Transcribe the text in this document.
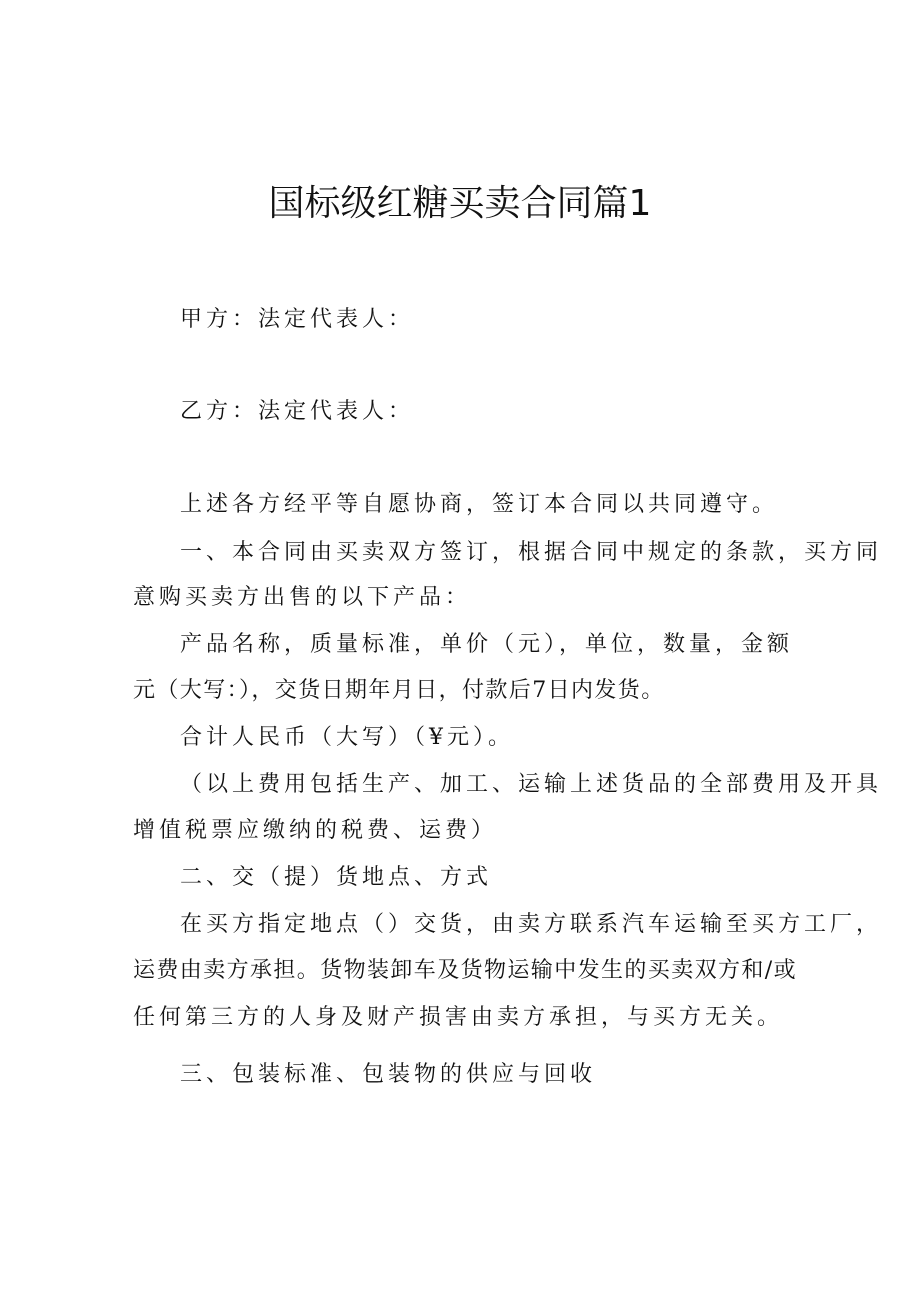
国标级红糖买卖合同篇1

甲方：法定代表人：

乙方：法定代表人：

上述各方经平等自愿协商，签订本合同以共同遵守。

一、本合同由买卖双方签订，根据合同中规定的条款，买方同

意购买卖方出售的以下产品：

产品名称，质量标准，单价（元），单位，数量，金额

元（大写：），交货日期年月日，付款后7日内发货。

合计人民币（大写）（¥元）。

（以上费用包括生产、加工、运输上述货品的全部费用及开具

增值税票应缴纳的税费、运费）

二、交（提）货地点、方式

在买方指定地点（）交货，由卖方联系汽车运输至买方工厂，

运费由卖方承担。货物装卸车及货物运输中发生的买卖双方和/或

任何第三方的人身及财产损害由卖方承担，与买方无关。

三、包装标准、包装物的供应与回收
